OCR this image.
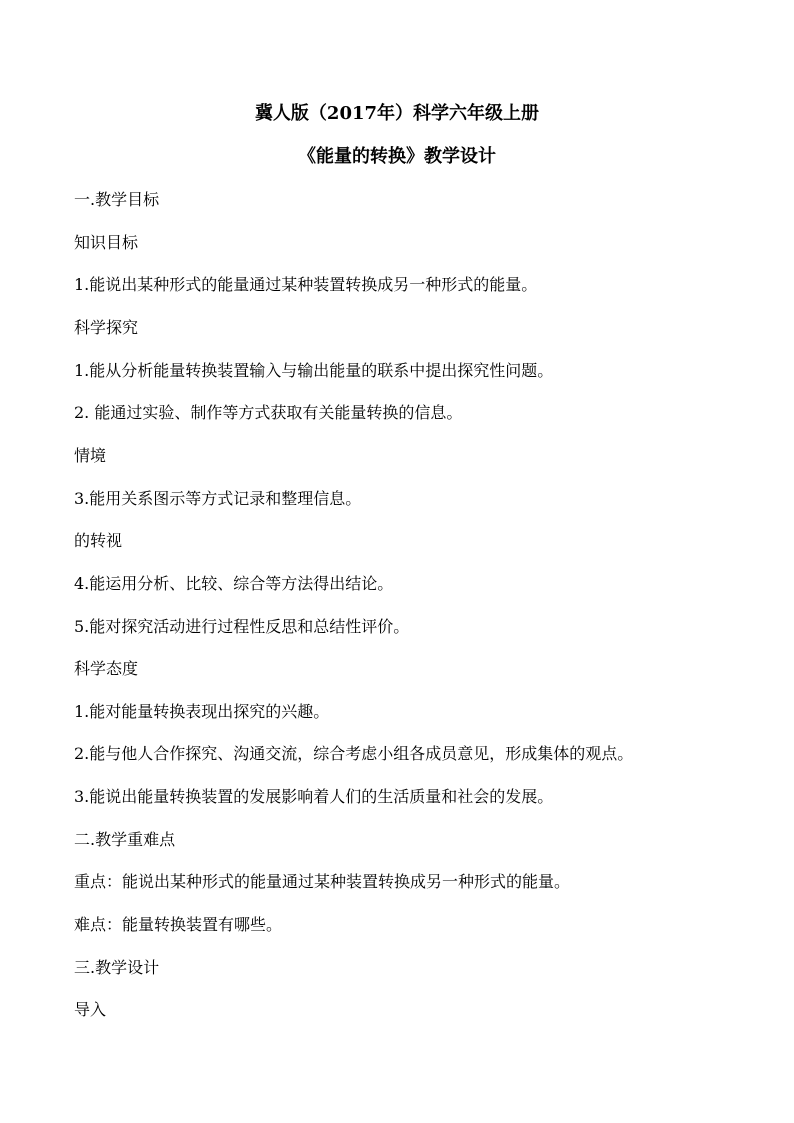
冀人版（2017年）科学六年级上册
《能量的转换》教学设计
一.教学目标
知识目标
1.能说出某种形式的能量通过某种装置转换成另一种形式的能量。
科学探究
1.能从分析能量转换装置输入与输出能量的联系中提出探究性问题。
2. 能通过实验、制作等方式获取有关能量转换的信息。
情境
3.能用关系图示等方式记录和整理信息。
的转视
4.能运用分析、比较、综合等方法得出结论。
5.能对探究活动进行过程性反思和总结性评价。
科学态度
1.能对能量转换表现出探究的兴趣。
2.能与他人合作探究、沟通交流，综合考虑小组各成员意见，形成集体的观点。
3.能说出能量转换装置的发展影响着人们的生活质量和社会的发展。
二.教学重难点
重点：能说出某种形式的能量通过某种装置转换成另一种形式的能量。
难点：能量转换装置有哪些。
三.教学设计
导入
